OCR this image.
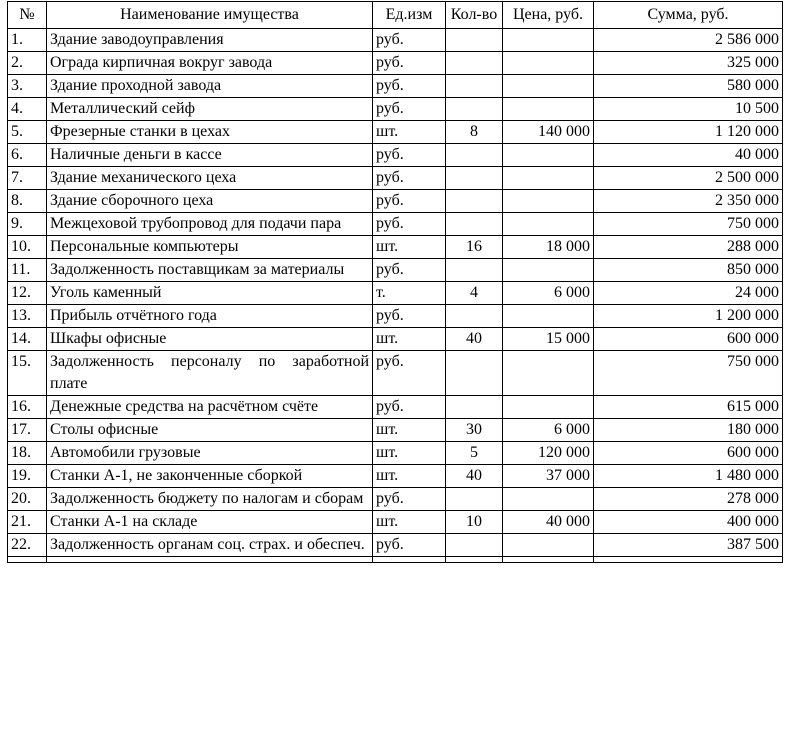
№	Наименование имущества	Ед.изм	Кол-во	Цена, руб.	Сумма, руб.
1.	Здание заводоуправления	руб.			2 586 000
2.	Ограда кирпичная вокруг завода	руб.			325 000
3.	Здание проходной завода	руб.			580 000
4.	Металлический сейф	руб.			10 500
5.	Фрезерные станки в цехах	шт.	8	140 000	1 120 000
6.	Наличные деньги в кассе	руб.			40 000
7.	Здание механического цеха	руб.			2 500 000
8.	Здание сборочного цеха	руб.			2 350 000
9.	Межцеховой трубопровод для подачи пара	руб.			750 000
10.	Персональные компьютеры	шт.	16	18 000	288 000
11.	Задолженность поставщикам за материалы	руб.			850 000
12.	Уголь каменный	т.	4	6 000	24 000
13.	Прибыль отчётного года	руб.			1 200 000
14.	Шкафы офисные	шт.	40	15 000	600 000
15.	Задолженность персоналу по заработной плате	руб.			750 000
16.	Денежные средства на расчётном счёте	руб.			615 000
17.	Столы офисные	шт.	30	6 000	180 000
18.	Автомобили грузовые	шт.	5	120 000	600 000
19.	Станки А-1, не законченные сборкой	шт.	40	37 000	1 480 000
20.	Задолженность бюджету по налогам и сборам	руб.			278 000
21.	Станки А-1 на складе	шт.	10	40 000	400 000
22.	Задолженность органам соц. страх. и обеспеч.	руб.			387 500
